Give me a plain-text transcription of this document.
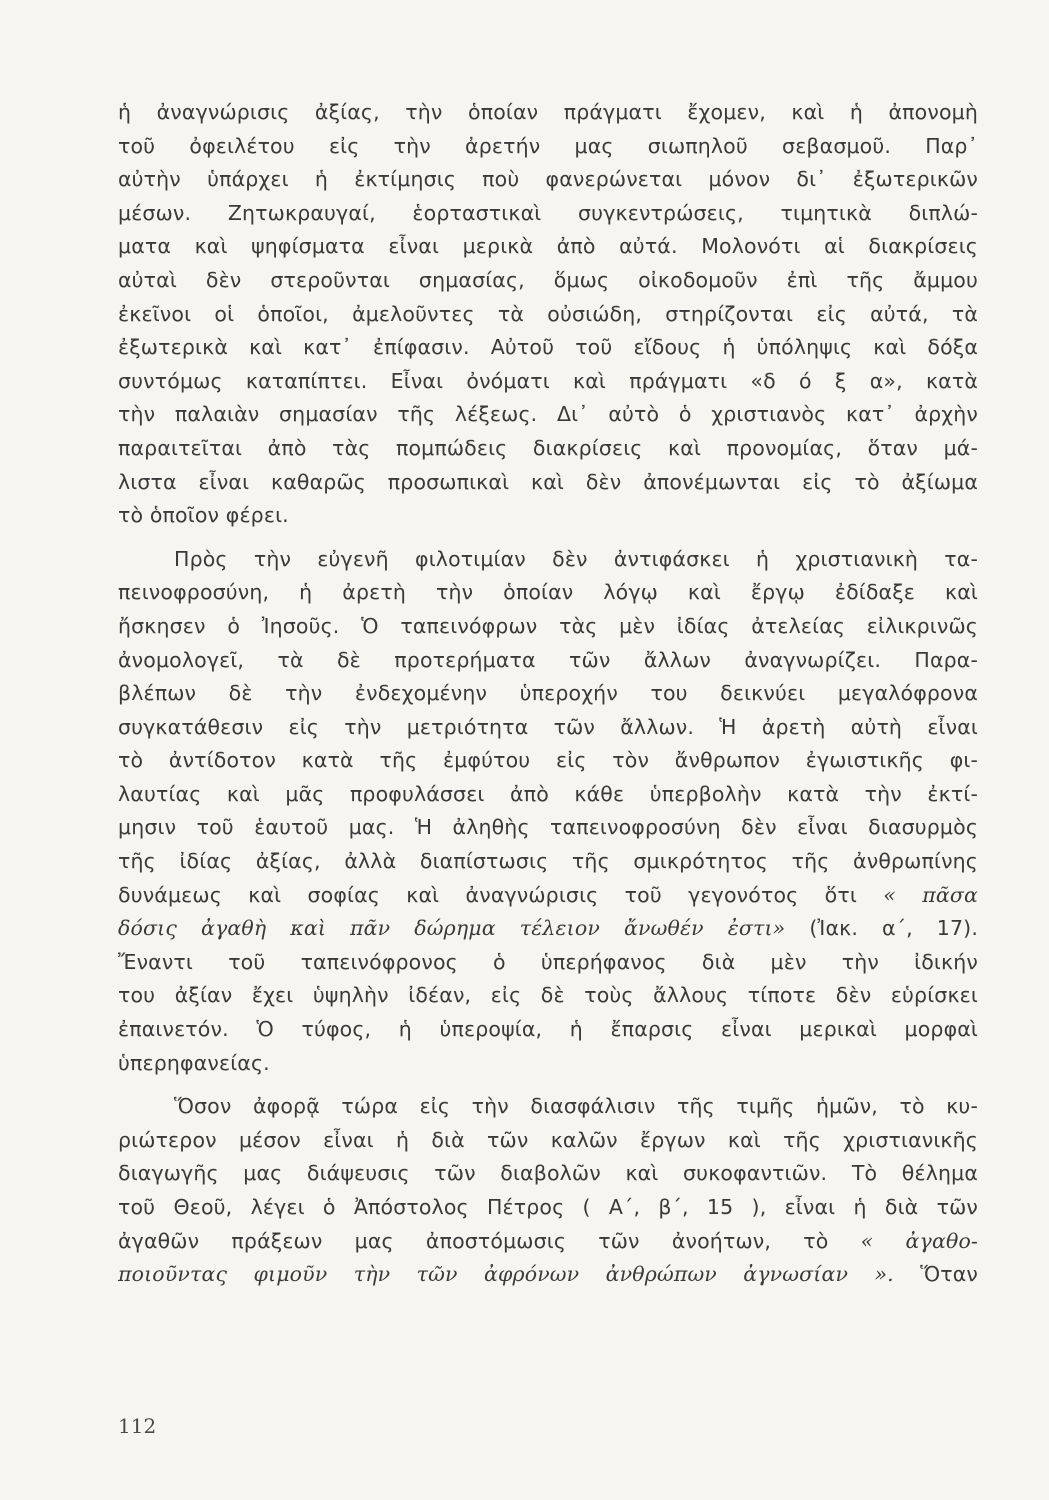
ἡ ἀναγνώρισις ἀξίας, τὴν ὁποίαν πράγματι ἔχομεν, καὶ ἡ ἀπονομὴ
τοῦ ὀφειλέτου εἰς τὴν ἀρετήν μας σιωπηλοῦ σεβασμοῦ. Παρ᾽
αὐτὴν ὑπάρχει ἡ ἐκτίμησις ποὺ φανερώνεται μόνον δι᾽ ἐξωτερικῶν
μέσων. Ζητωκραυγαί, ἑορταστικαὶ συγκεντρώσεις, τιμητικὰ διπλώ-
ματα καὶ ψηφίσματα εἶναι μερικὰ ἀπὸ αὐτά. Μολονότι αἱ διακρίσεις
αὐταὶ δὲν στεροῦνται σημασίας, ὅμως οἰκοδομοῦν ἐπὶ τῆς ἄμμου
ἐκεῖνοι οἱ ὁποῖοι, ἀμελοῦντες τὰ οὐσιώδη, στηρίζονται εἰς αὐτά, τὰ
ἐξωτερικὰ καὶ κατ᾽ ἐπίφασιν. Αὐτοῦ τοῦ εἴδους ἡ ὑπόληψις καὶ δόξα
συντόμως καταπίπτει. Εἶναι ὀνόματι καὶ πράγματι «δ ό ξ α», κατὰ
τὴν παλαιὰν σημασίαν τῆς λέξεως. Δι᾽ αὐτὸ ὁ χριστιανὸς κατ᾽ ἀρχὴν
παραιτεῖται ἀπὸ τὰς πομπώδεις διακρίσεις καὶ προνομίας, ὅταν μά-
λιστα εἶναι καθαρῶς προσωπικαὶ καὶ δὲν ἀπονέμωνται εἰς τὸ ἀξίωμα
τὸ ὁποῖον φέρει.
Πρὸς τὴν εὐγενῆ φιλοτιμίαν δὲν ἀντιφάσκει ἡ χριστιανικὴ τα-
πεινοφροσύνη, ἡ ἀρετὴ τὴν ὁποίαν λόγῳ καὶ ἔργῳ ἐδίδαξε καὶ
ἤσκησεν ὁ Ἰησοῦς. Ὁ ταπεινόφρων τὰς μὲν ἰδίας ἀτελείας εἰλικρινῶς
ἀνομολογεῖ, τὰ δὲ προτερήματα τῶν ἄλλων ἀναγνωρίζει. Παρα-
βλέπων δὲ τὴν ἐνδεχομένην ὑπεροχήν του δεικνύει μεγαλόφρονα
συγκατάθεσιν εἰς τὴν μετριότητα τῶν ἄλλων. Ἡ ἀρετὴ αὐτὴ εἶναι
τὸ ἀντίδοτον κατὰ τῆς ἐμφύτου εἰς τὸν ἄνθρωπον ἐγωιστικῆς φι-
λαυτίας καὶ μᾶς προφυλάσσει ἀπὸ κάθε ὑπερβολὴν κατὰ τὴν ἐκτί-
μησιν τοῦ ἑαυτοῦ μας. Ἡ ἀληθὴς ταπεινοφροσύνη δὲν εἶναι διασυρμὸς
τῆς ἰδίας ἀξίας, ἀλλὰ διαπίστωσις τῆς σμικρότητος τῆς ἀνθρωπίνης
δυνάμεως καὶ σοφίας καὶ ἀναγνώρισις τοῦ γεγονότος ὅτι « πᾶσα
δόσις ἀγαθὴ καὶ πᾶν δώρημα τέλειον ἄνωθέν ἐστι» (Ἰακ. α΄, 17).
Ἔναντι τοῦ ταπεινόφρονος ὁ ὑπερήφανος διὰ μὲν τὴν ἰδικήν
του ἀξίαν ἔχει ὑψηλὴν ἰδέαν, εἰς δὲ τοὺς ἄλλους τίποτε δὲν εὑρίσκει
ἐπαινετόν. Ὁ τύφος, ἡ ὑπεροψία, ἡ ἔπαρσις εἶναι μερικαὶ μορφαὶ
ὑπερηφανείας.
Ὅσον ἀφορᾷ τώρα εἰς τὴν διασφάλισιν τῆς τιμῆς ἡμῶν, τὸ κυ-
ριώτερον μέσον εἶναι ἡ διὰ τῶν καλῶν ἔργων καὶ τῆς χριστιανικῆς
διαγωγῆς μας διάψευσις τῶν διαβολῶν καὶ συκοφαντιῶν. Τὸ θέλημα
τοῦ Θεοῦ, λέγει ὁ Ἀπόστολος Πέτρος ( Α΄, β΄, 15 ), εἶναι ἡ διὰ τῶν
ἀγαθῶν πράξεων μας ἀποστόμωσις τῶν ἀνοήτων, τὸ « ἀγαθο-
ποιοῦντας φιμοῦν τὴν τῶν ἀφρόνων ἀνθρώπων ἀγνωσίαν ». Ὅταν
112
